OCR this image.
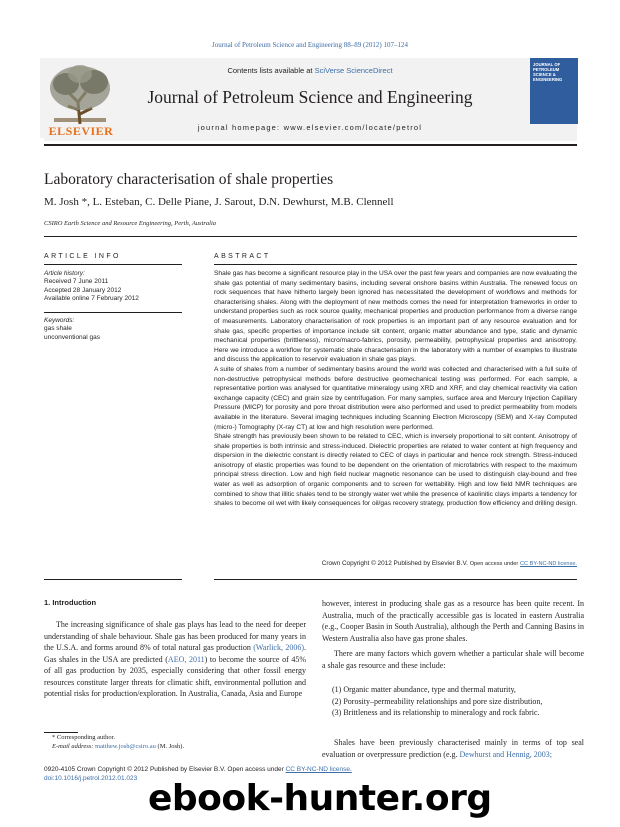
Journal of Petroleum Science and Engineering 88–89 (2012) 107–124
ELSEVIER
Contents lists available at SciVerse ScienceDirect
Journal of Petroleum Science and Engineering
journal homepage: www.elsevier.com/locate/petrol
JOURNAL OF
PETROLEUM
SCIENCE &
ENGINEERING
Laboratory characterisation of shale properties
M. Josh *, L. Esteban, C. Delle Piane, J. Sarout, D.N. Dewhurst, M.B. Clennell
CSIRO Earth Science and Resource Engineering, Perth, Australia
ARTICLE INFO	ABSTRACT
Article history:
Received 7 June 2011
Accepted 28 January 2012
Available online 7 February 2012
Keywords:
gas shale
unconventional gas

Shale gas has become a significant resource play in the USA over the past few years and companies are now evaluating the shale gas potential of many sedimentary basins, including several onshore basins within Australia. The renewed focus on rock sequences that have hitherto largely been ignored has necessitated the development of workflows and methods for characterising shales. Along with the deployment of new methods comes the need for interpretation frameworks in order to understand properties such as rock source quality, mechanical properties and production performance from a diverse range of measurements. Laboratory characterisation of rock properties is an important part of any resource evaluation and for shale gas, specific properties of importance include silt content, organic matter abundance and type, static and dynamic mechanical properties (brittleness), micro/macro-fabrics, porosity, permeability, petrophysical properties and anisotropy. Here we introduce a workflow for systematic shale characterisation in the laboratory with a number of examples to illustrate and discuss the application to reservoir evaluation in shale gas plays.

A suite of shales from a number of sedimentary basins around the world was collected and characterised with a full suite of non-destructive petrophysical methods before destructive geomechanical testing was performed. For each sample, a representative portion was analysed for quantitative mineralogy using XRD and XRF, and clay chemical reactivity via cation exchange capacity (CEC) and grain size by centrifugation. For many samples, surface area and Mercury Injection Capillary Pressure (MICP) for porosity and pore throat distribution were also performed and used to predict permeability from models available in the literature. Several imaging techniques including Scanning Electron Microscopy (SEM) and X-ray Computed (micro-) Tomography (X-ray CT) at low and high resolution were performed.

Shale strength has previously been shown to be related to CEC, which is inversely proportional to silt content. Anisotropy of shale properties is both intrinsic and stress-induced. Dielectric properties are related to water content at high frequency and dispersion in the dielectric constant is directly related to CEC of clays in particular and hence rock strength. Stress-induced anisotropy of elastic properties was found to be dependent on the orientation of microfabrics with respect to the maximum principal stress direction. Low and high field nuclear magnetic resonance can be used to distinguish clay-bound and free water as well as adsorption of organic components and to screen for wettability. High and low field NMR techniques are combined to show that illitic shales tend to be strongly water wet while the presence of kaolinitic clays imparts a tendency for shales to become oil wet with likely consequences for oil/gas recovery strategy, production flow efficiency and drilling design.

Crown Copyright © 2012 Published by Elsevier B.V. Open access under CC BY-NC-ND license.
1. Introduction
The increasing significance of shale gas plays has lead to the need for deeper understanding of shale behaviour. Shale gas has been produced for many years in the U.S.A. and forms around 8% of total natural gas production (Warlick, 2006). Gas shales in the USA are predicted (AEO, 2011) to become the source of 45% of all gas production by 2035, especially considering that other fossil energy resources constitute larger threats for climatic shift, environmental pollution and potential risks for production/exploration. In Australia, Canada, Asia and Europe

however, interest in producing shale gas as a resource has been quite recent. In Australia, much of the practically accessible gas is located in eastern Australia (e.g., Cooper Basin in South Australia), although the Perth and Canning Basins in Western Australia also have gas prone shales.

There are many factors which govern whether a particular shale will become a shale gas resource and these include:

(1) Organic matter abundance, type and thermal maturity,
(2) Porosity–permeability relationships and pore size distribution,
(3) Brittleness and its relationship to mineralogy and rock fabric.
Shales have been previously characterised mainly in terms of top seal evaluation or overpressure prediction (e.g. Dewhurst and Hennig, 2003;
* Corresponding author.
E-mail address: matthew.josh@csiro.au (M. Josh).
0920-4105 Crown Copyright © 2012 Published by Elsevier B.V. Open access under CC BY-NC-ND license.
doi:10.1016/j.petrol.2012.01.023 ebook-hunter.org
